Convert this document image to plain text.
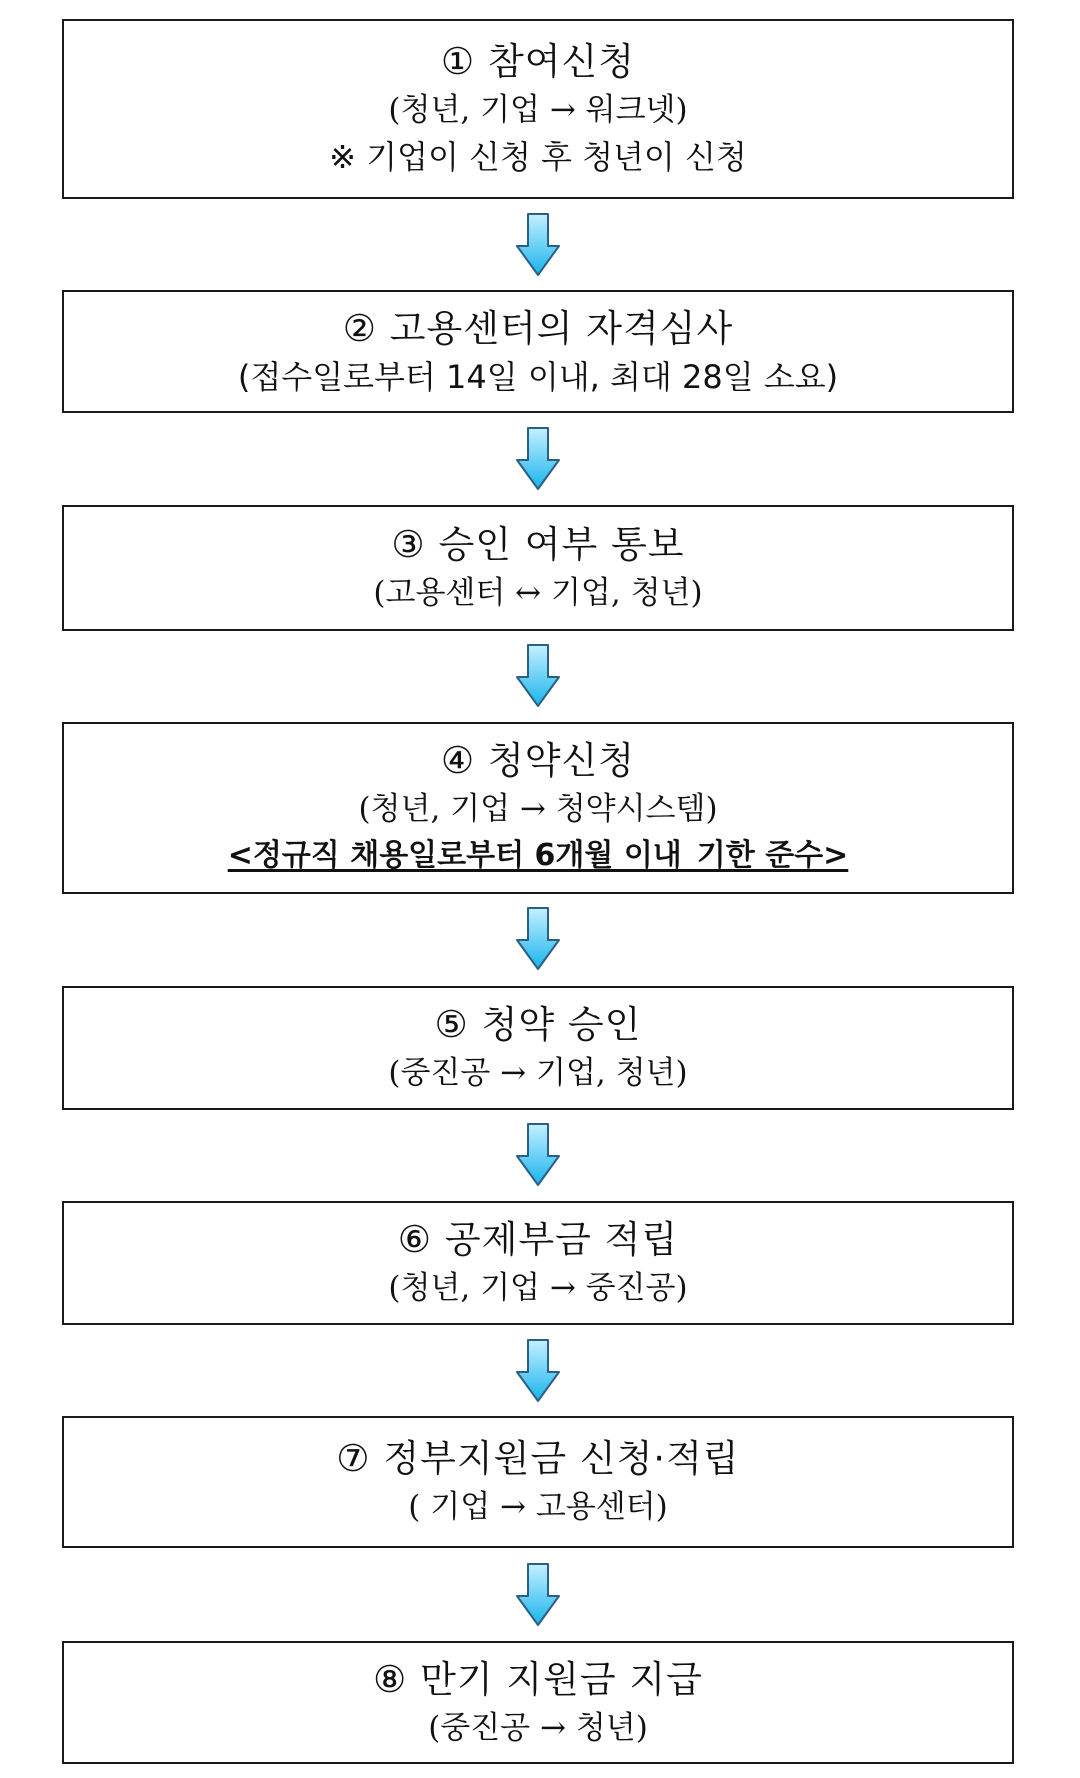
① 참여신청
(청년, 기업 → 워크넷)
※ 기업이 신청 후 청년이 신청
② 고용센터의 자격심사
(접수일로부터 14일 이내, 최대 28일 소요)
③ 승인 여부 통보
(고용센터 ↔ 기업, 청년)
④ 청약신청
(청년, 기업 → 청약시스템)
<정규직 채용일로부터 6개월 이내_기한 준수>
⑤ 청약 승인
(중진공 → 기업, 청년)
⑥ 공제부금 적립
(청년, 기업 → 중진공)
⑦ 정부지원금 신청·적립
( 기업 → 고용센터)
⑧ 만기 지원금 지급
(중진공 → 청년)
